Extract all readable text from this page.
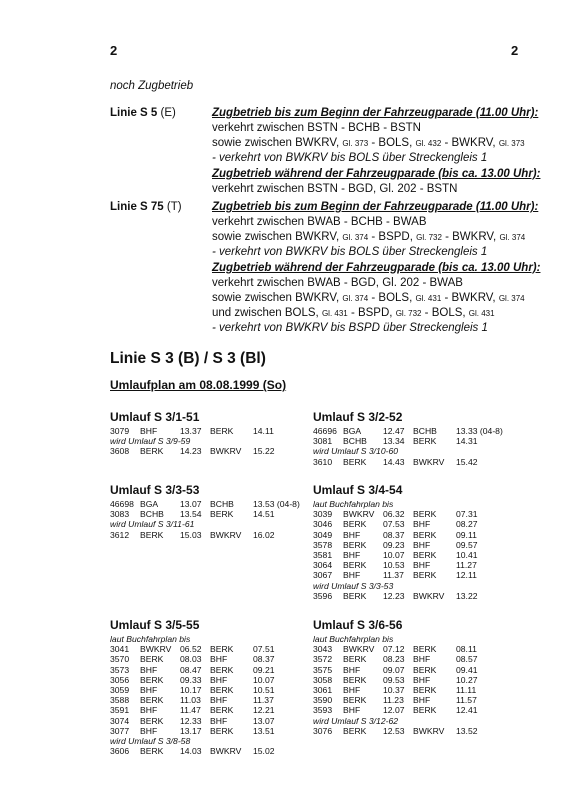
2	2
noch Zugbetrieb
Linie S 5 (E)	Zugbetrieb bis zum Beginn der Fahrzeugparade (11.00 Uhr):
verkehrt zwischen BSTN - BCHB - BSTN
sowie zwischen BWKRV, Gl. 373 - BOLS, Gl. 432 - BWKRV, Gl. 373
- verkehrt von BWKRV bis BOLS über Streckengleis 1
Zugbetrieb während der Fahrzeugparade (bis ca. 13.00 Uhr):
verkehrt zwischen BSTN - BGD, Gl. 202 - BSTN
Linie S 75 (T)	Zugbetrieb bis zum Beginn der Fahrzeugparade (11.00 Uhr):
verkehrt zwischen BWAB - BCHB - BWAB
sowie zwischen BWKRV, Gl. 374 - BSPD, Gl. 732 - BWKRV, Gl. 374
- verkehrt von BWKRV bis BOLS über Streckengleis 1
Zugbetrieb während der Fahrzeugparade (bis ca. 13.00 Uhr):
verkehrt zwischen BWAB - BGD, Gl. 202 - BWAB
sowie zwischen BWKRV, Gl. 374 - BOLS, Gl. 431 - BWKRV, Gl. 374
und zwischen BOLS, Gl. 431 - BSPD, Gl. 732 - BOLS, Gl. 431
- verkehrt von BWKRV bis BSPD über Streckengleis 1
Linie S 3 (B) / S 3 (Bl)
Umlaufplan am 08.08.1999 (So)
Umlauf S 3/1-51
3079 BHF	13.37 BERK 14.11
wird Umlauf S 3/9-59
3608 BERK 14.23 BWKRV 15.22
Umlauf S 3/2-52
46696 BGA	12.47 BCHB 13.33 (04-8)
3081 BCHB 13.34 BERK 14.31
wird Umlauf S 3/10-60
3610 BERK 14.43 BWKRV 15.42
Umlauf S 3/3-53
46698 BGA	13.07 BCHB 13.53 (04-8)
3083 BCHB 13.54 BERK 14.51
wird Umlauf S 3/11-61
3612 BERK 15.03 BWKRV 16.02
Umlauf S 3/4-54
laut Buchfahrplan bis
3039 BWKRV 06.32 BERK 07.31
3046 BERK 07.53 BHF	08.27
3049 BHF	08.37 BERK 09.11
3578 BERK 09.23 BHF	09.57
3581 BHF	10.07 BERK 10.41
3064 BERK 10.53 BHF	11.27
3067 BHF	11.37 BERK 12.11
wird Umlauf S 3/3-53
3596 BERK 12.23 BWKRV 13.22
Umlauf S 3/5-55
laut Buchfahrplan bis
3041 BWKRV 06.52 BERK 07.51
3570 BERK 08.03 BHF	08.37
3573 BHF	08.47 BERK 09.21
3056 BERK 09.33 BHF	10.07
3059 BHF	10.17 BERK 10.51
3588 BERK 11.03 BHF	11.37
3591 BHF	11.47 BERK 12.21
3074 BERK 12.33 BHF	13.07
3077 BHF	13.17 BERK 13.51
wird Umlauf S 3/8-58
3606 BERK 14.03 BWKRV 15.02
Umlauf S 3/6-56
laut Buchfahrplan bis
3043 BWKRV 07.12 BERK 08.11
3572 BERK 08.23 BHF	08.57
3575 BHF	09.07 BERK 09.41
3058 BERK 09.53 BHF	10.27
3061 BHF	10.37 BERK 11.11
3590 BERK 11.23 BHF	11.57
3593 BHF	12.07 BERK 12.41
wird Umlauf S 3/12-62
3076 BERK 12.53 BWKRV 13.52
